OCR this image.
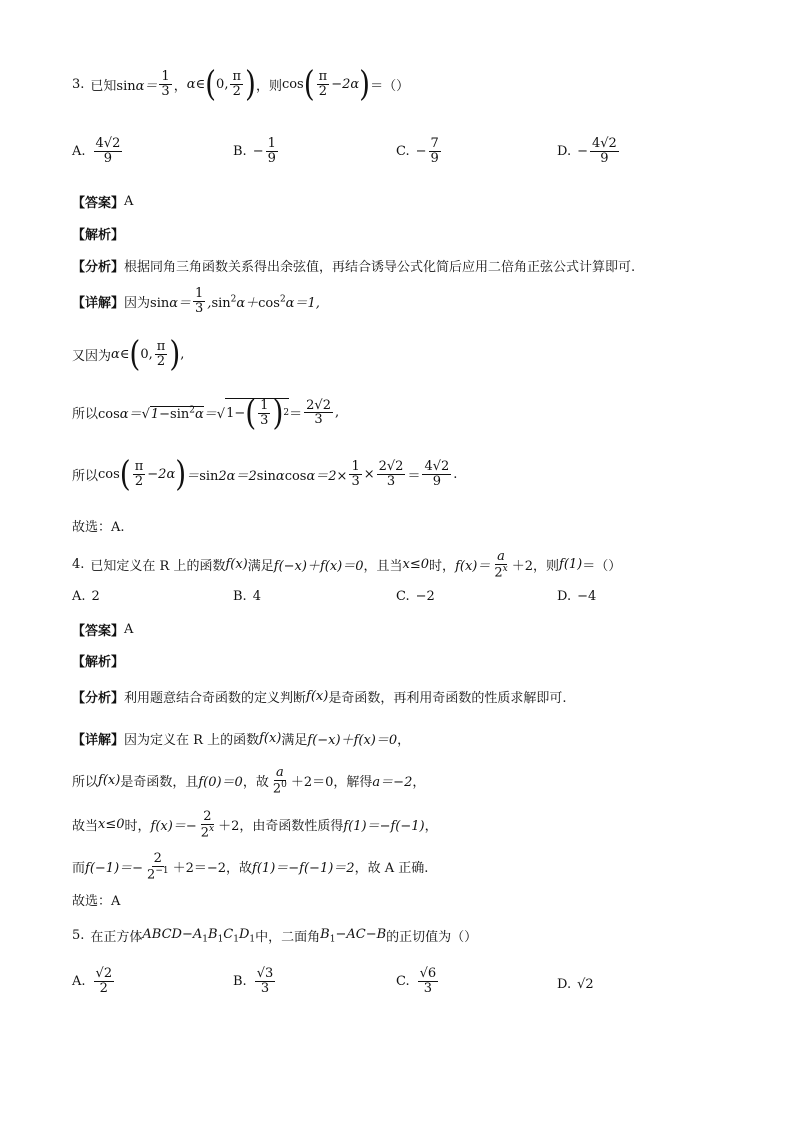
3. 已知 $\sin\alpha= \frac{1}{3}$ ， α∈ ( 0, $\frac{\pi}{2}$ ) ，则 cos ( $\frac{\pi}{2} -2\alpha$ ) ＝（）
A. $\frac{4√2}{9}$	B. − $\frac{1}{9}$	C. − $\frac{7}{9}$	D. − $\frac{4√2}{9}$
【答案】 A
【解析】
【分析】 根据同角三角函数关系得出余弦值，再结合诱导公式化简后应用二倍角正弦公式计算即可.
【详解】 因为 $\sin\alpha= \frac{1}{3} ,\sin^2\alpha+\cos^2\alpha=1$,
又因为 α∈ ( 0, $\frac{\pi}{2}$ ) ,
所以 $\cos\alpha=√1-\sin^2\alpha=√$ 1− ( $\frac{1}{3}$ ) $2 = \frac{2√2}{3}$ ,
所以 cos ( $\frac{\pi}{2} -2\alpha$ ) $=\sin 2\alpha=2\sin\alpha\cos\alpha=2\times \frac{1}{3} \times \frac{2√2}{3} = \frac{4√2}{9}$ .
故选：A.
4. 已知定义在 R 上的函数 f(x) 满足 f(−x)＋f(x)＝0 ，且当 x≤0 时， $f(x)= \frac{a}{2^x} +2$ ，则 f(1) ＝（）
A. 2	B. 4	C. −2	D. −4
【答案】 A
【解析】
【分析】 利用题意结合奇函数的定义判断 f(x) 是奇函数，再利用奇函数的性质求解即可.
【详解】 因为定义在 R 上的函数 f(x) 满足 f(−x)＋f(x)＝0 ，
所以 f(x) 是奇函数，且 f(0)＝0 ，故 $\frac{a}{2^0} +2=0$ ，解得 a＝−2 ，
故当 x≤0 时， $f(x)=- \frac{2}{2^x} +2$ ，由奇函数性质得 f(1)＝−f(−1) ，
而 $f(-1)=- \frac{2}{2^{-1}} +2=-2$ ，故 f(1)＝−f(−1)＝2 ，故 A 正确.
故选：A
5. 在正方体 $ABCD-A_1B_1C_1D_1$ 中，二面角 $B_1-AC-B$ 的正切值为（）
A. $\frac{√2}{2}$	B. $\frac{√3}{3}$	C. $\frac{√6}{3}$	D. √2
